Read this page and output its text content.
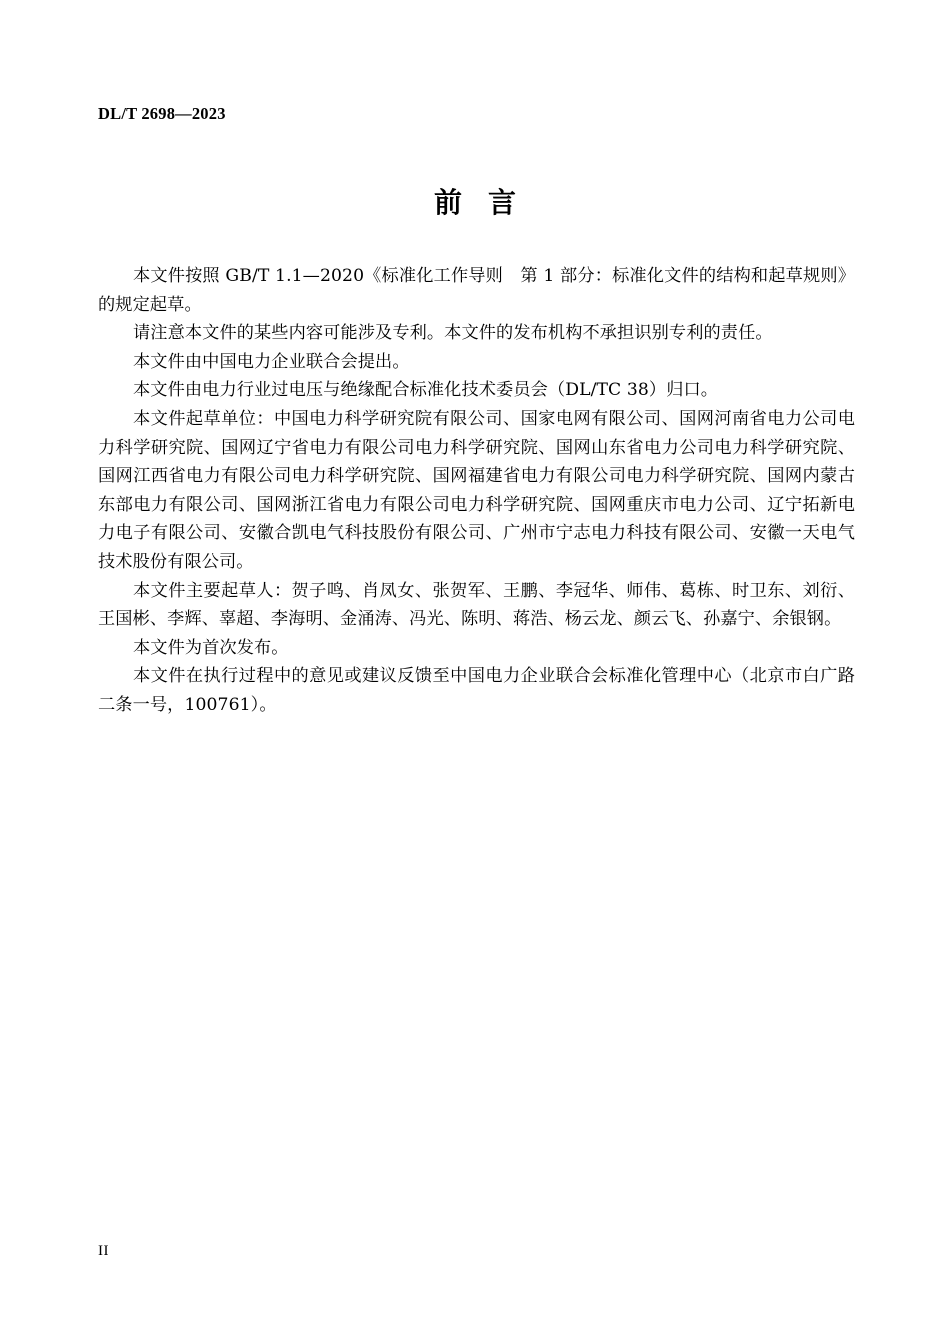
DL/T 2698—2023
前言

本文件按照 GB/T 1.1—2020《标准化工作导则　第 1 部分：标准化文件的结构和起草规则》的规定起草。

请注意本文件的某些内容可能涉及专利。本文件的发布机构不承担识别专利的责任。

本文件由中国电力企业联合会提出。

本文件由电力行业过电压与绝缘配合标准化技术委员会（DL/TC 38）归口。

本文件起草单位：中国电力科学研究院有限公司、国家电网有限公司、国网河南省电力公司电力科学研究院、国网辽宁省电力有限公司电力科学研究院、国网山东省电力公司电力科学研究院、国网江西省电力有限公司电力科学研究院、国网福建省电力有限公司电力科学研究院、国网内蒙古东部电力有限公司、国网浙江省电力有限公司电力科学研究院、国网重庆市电力公司、辽宁拓新电力电子有限公司、安徽合凯电气科技股份有限公司、广州市宁志电力科技有限公司、安徽一天电气技术股份有限公司。

本文件主要起草人：贺子鸣、肖凤女、张贺军、王鹏、李冠华、师伟、葛栋、时卫东、刘衍、王国彬、李辉、辜超、李海明、金涌涛、冯光、陈明、蒋浩、杨云龙、颜云飞、孙嘉宁、余银钢。

本文件为首次发布。

本文件在执行过程中的意见或建议反馈至中国电力企业联合会标准化管理中心（北京市白广路二条一号，100761）。

II
